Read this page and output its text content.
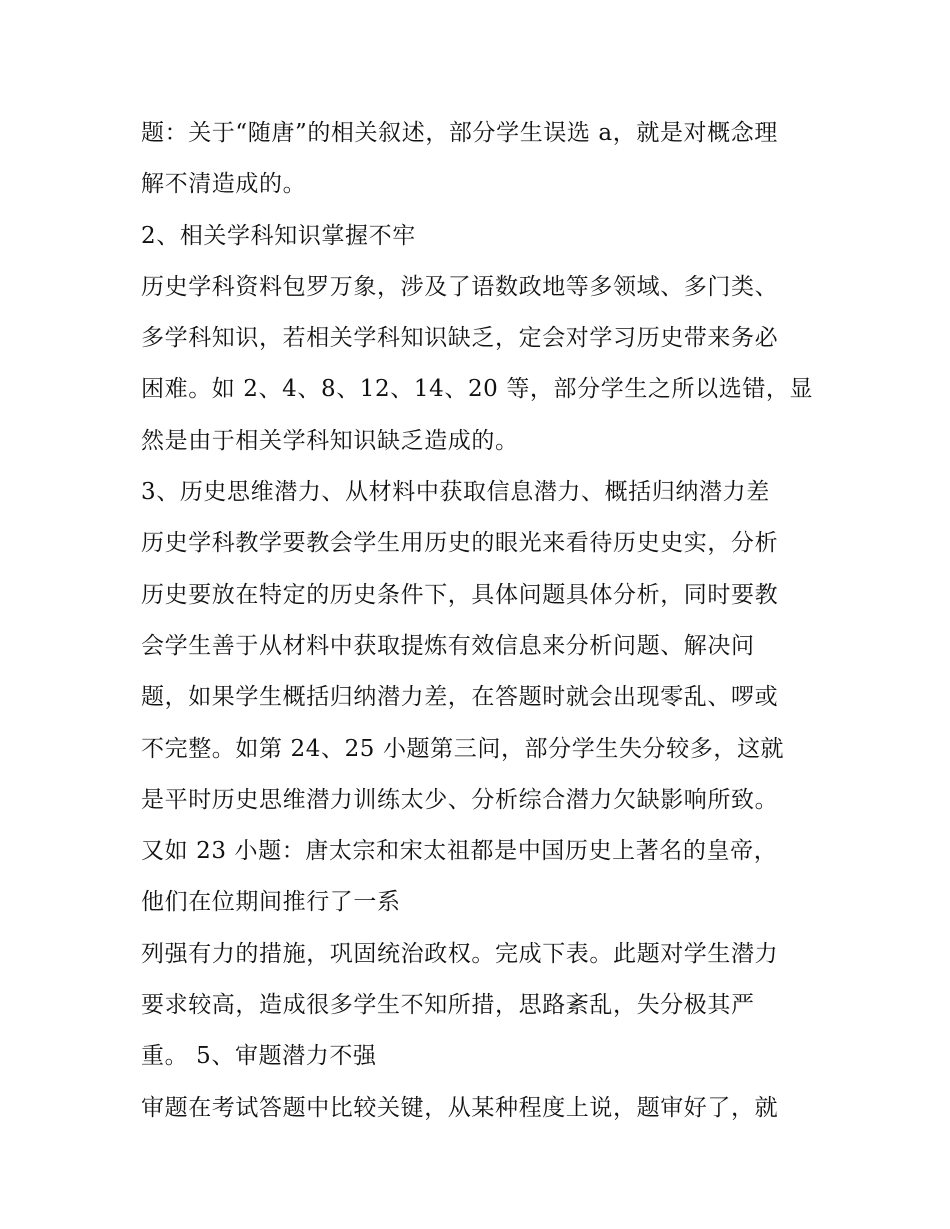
题：关于“随唐”的相关叙述，部分学生误选 a，就是对概念理
解不清造成的。
2、相关学科知识掌握不牢
历史学科资料包罗万象，涉及了语数政地等多领域、多门类、
多学科知识，若相关学科知识缺乏，定会对学习历史带来务必
困难。如 2、4、8、12、14、20 等，部分学生之所以选错，显
然是由于相关学科知识缺乏造成的。
3、历史思维潜力、从材料中获取信息潜力、概括归纳潜力差
历史学科教学要教会学生用历史的眼光来看待历史史实，分析
历史要放在特定的历史条件下，具体问题具体分析，同时要教
会学生善于从材料中获取提炼有效信息来分析问题、解决问
题，如果学生概括归纳潜力差，在答题时就会出现零乱、啰或
不完整。如第 24、25 小题第三问，部分学生失分较多，这就
是平时历史思维潜力训练太少、分析综合潜力欠缺影响所致。
又如 23 小题：唐太宗和宋太祖都是中国历史上著名的皇帝，
他们在位期间推行了一系
列强有力的措施，巩固统治政权。完成下表。此题对学生潜力
要求较高，造成很多学生不知所措，思路紊乱，失分极其严
重。 5、审题潜力不强
审题在考试答题中比较关键，从某种程度上说，题审好了，就
